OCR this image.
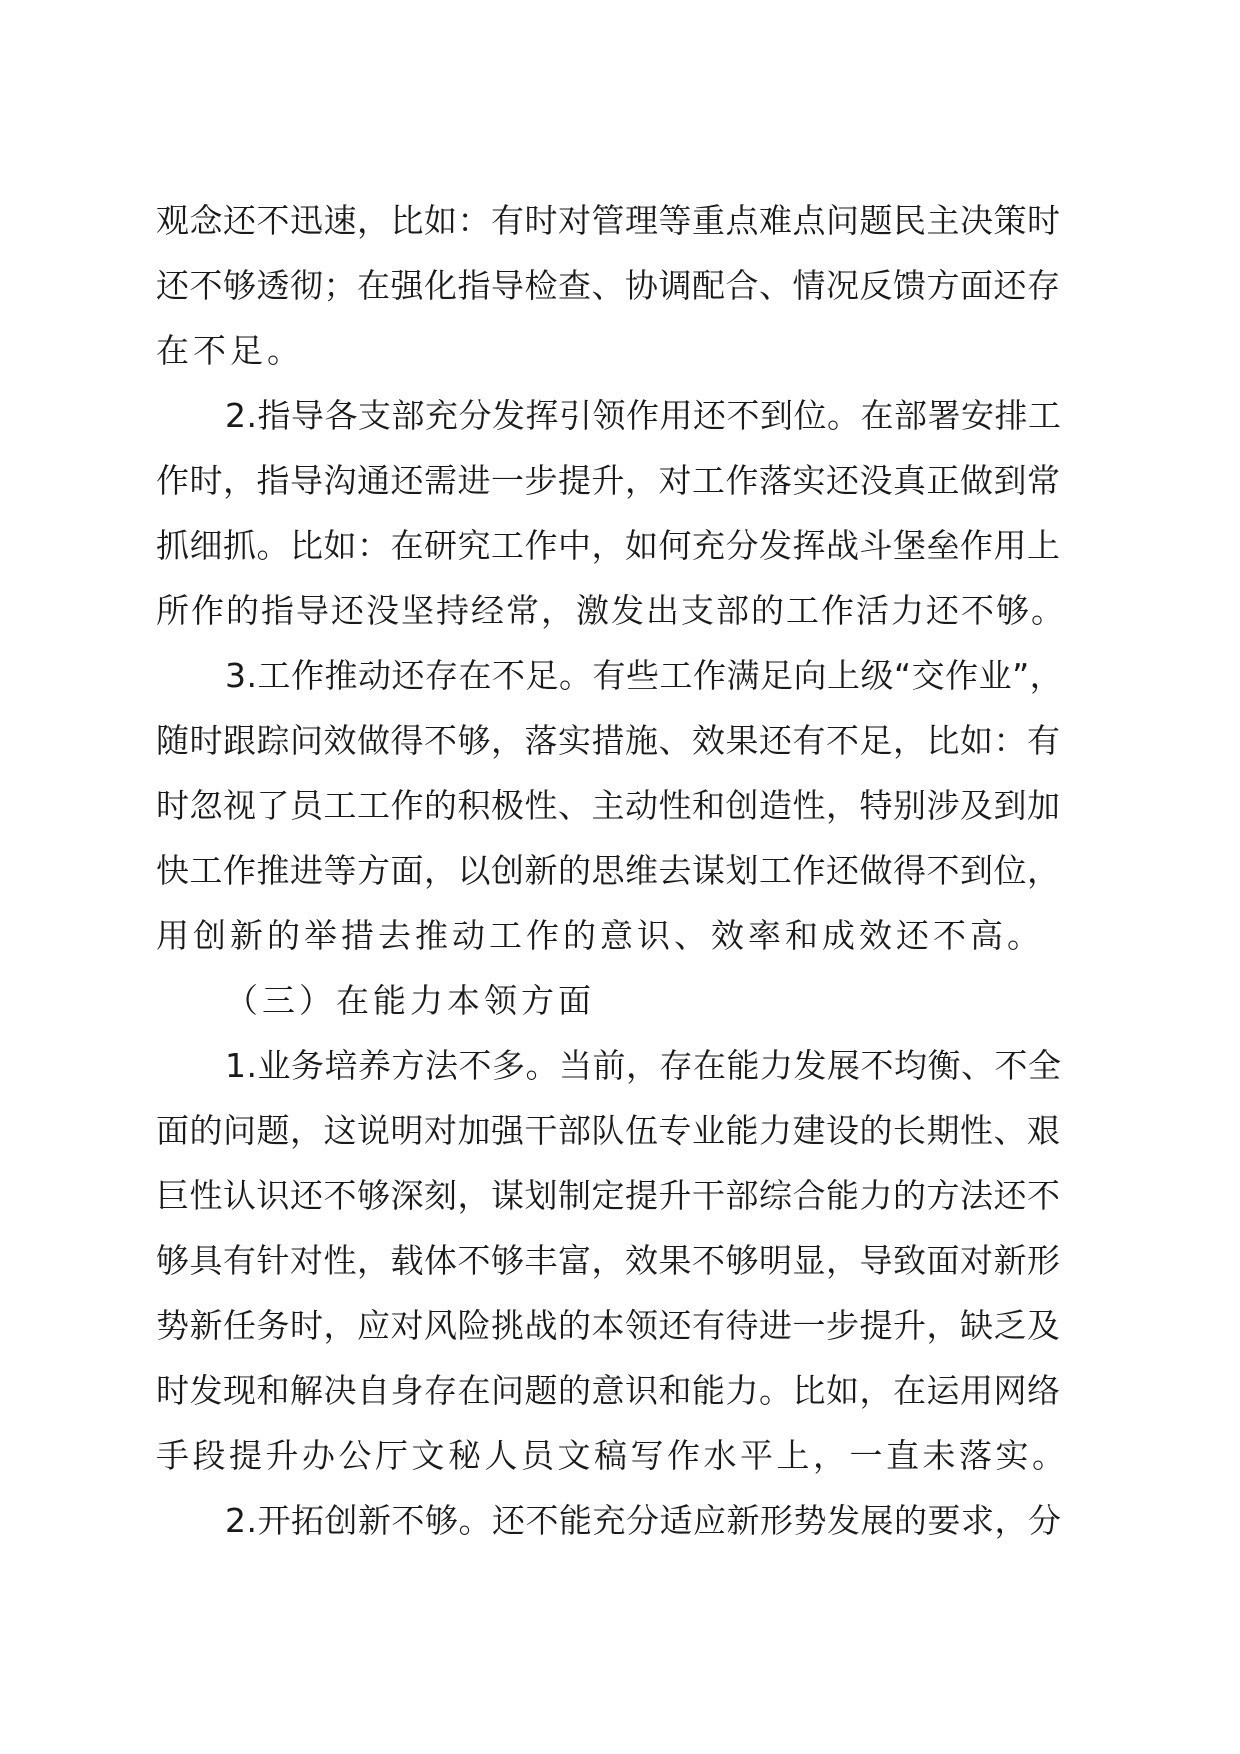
观念还不迅速，比如：有时对管理等重点难点问题民主决策时
还不够透彻；在强化指导检查、协调配合、情况反馈方面还存
在不足。
2.指导各支部充分发挥引领作用还不到位。在部署安排工
作时，指导沟通还需进一步提升，对工作落实还没真正做到常
抓细抓。比如：在研究工作中，如何充分发挥战斗堡垒作用上
所作的指导还没坚持经常，激发出支部的工作活力还不够。
3.工作推动还存在不足。有些工作满足向上级“交作业”，
随时跟踪问效做得不够，落实措施、效果还有不足，比如：有
时忽视了员工工作的积极性、主动性和创造性，特别涉及到加
快工作推进等方面，以创新的思维去谋划工作还做得不到位，
用创新的举措去推动工作的意识、效率和成效还不高。
（三）在能力本领方面
1.业务培养方法不多。当前，存在能力发展不均衡、不全
面的问题，这说明对加强干部队伍专业能力建设的长期性、艰
巨性认识还不够深刻，谋划制定提升干部综合能力的方法还不
够具有针对性，载体不够丰富，效果不够明显，导致面对新形
势新任务时，应对风险挑战的本领还有待进一步提升，缺乏及
时发现和解决自身存在问题的意识和能力。比如，在运用网络
手段提升办公厅文秘人员文稿写作水平上，一直未落实。
2.开拓创新不够。还不能充分适应新形势发展的要求，分
